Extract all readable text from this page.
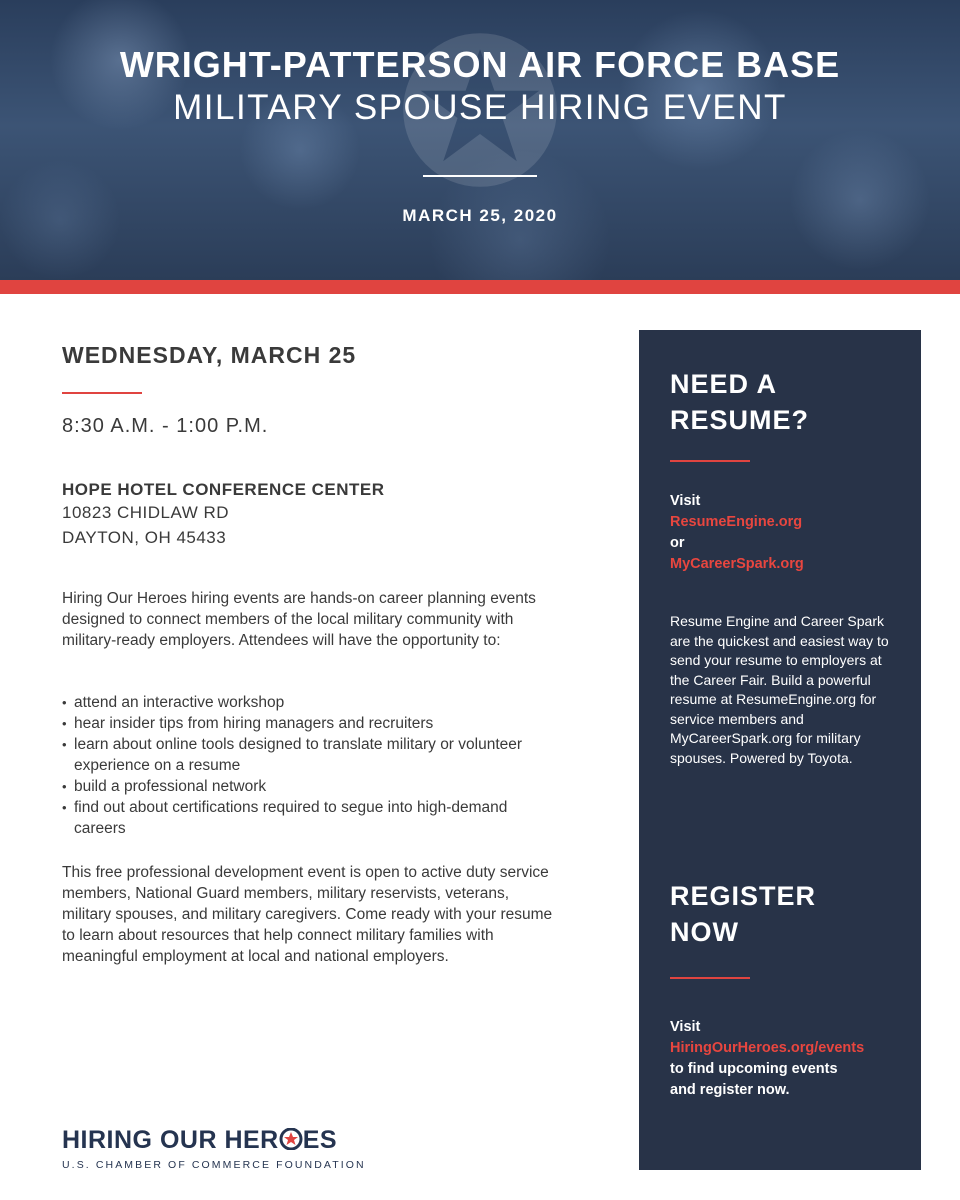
WRIGHT-PATTERSON AIR FORCE BASE
MILITARY SPOUSE HIRING EVENT
MARCH 25, 2020
WEDNESDAY, MARCH 25
8:30 A.M. - 1:00 P.M.
HOPE HOTEL CONFERENCE CENTER
10823 CHIDLAW RD
DAYTON, OH 45433

Hiring Our Heroes hiring events are hands-on career planning events designed to connect members of the local military community with military-ready employers. Attendees will have the opportunity to:

• attend an interactive workshop
• hear insider tips from hiring managers and recruiters
• learn about online tools designed to translate military or volunteer experience on a resume
• build a professional network
• find out about certifications required to segue into high-demand careers

This free professional development event is open to active duty service members, National Guard members, military reservists, veterans, military spouses, and military caregivers. Come ready with your resume to learn about resources that help connect military families with meaningful employment at local and national employers.

HIRING OUR HER ES
U.S. CHAMBER OF COMMERCE FOUNDATION
NEED A
RESUME?
Visit
ResumeEngine.org
or
MyCareerSpark.org

Resume Engine and Career Spark are the quickest and easiest way to send your resume to employers at the Career Fair. Build a powerful resume at ResumeEngine.org for service members and MyCareerSpark.org for military spouses. Powered by Toyota.

REGISTER
NOW
Visit
HiringOurHeroes.org/events
to find upcoming events
and register now.
